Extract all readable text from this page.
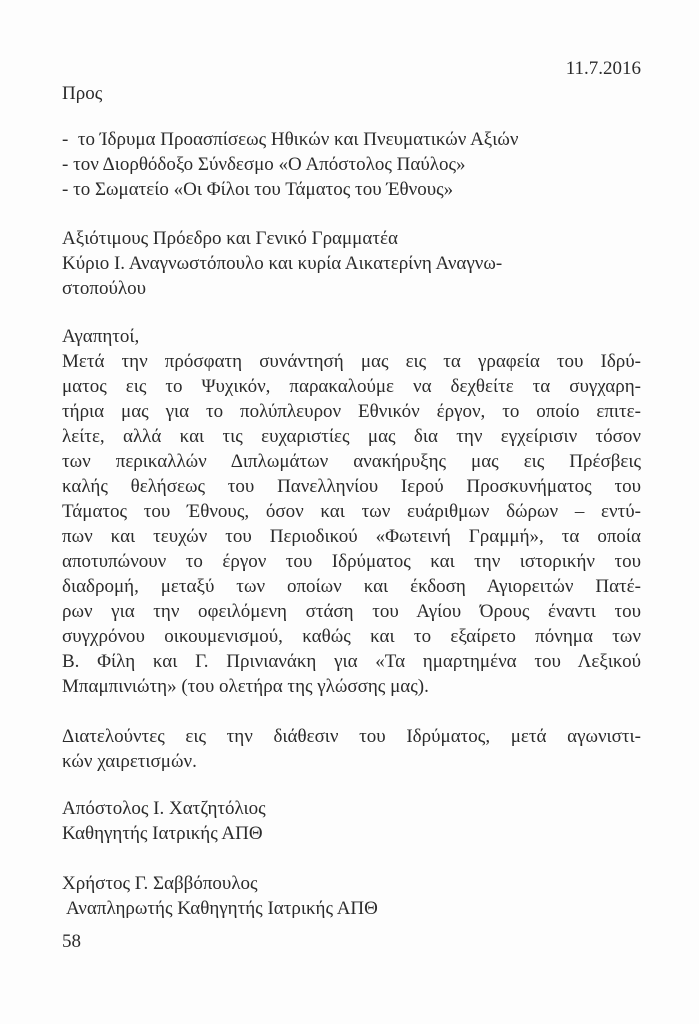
11.7.2016
Προς
-  το Ίδρυμα Προασπίσεως Ηθικών και Πνευματικών Αξιών
- τον Διορθόδοξο Σύνδεσμο «Ο Απόστολος Παύλος»
- το Σωματείο «Οι Φίλοι του Τάματος του Έθνους»
Αξιότιμους Πρόεδρο και Γενικό Γραμματέα
Κύριο Ι. Αναγνωστόπουλο και κυρία Αικατερίνη Αναγνω-
στοπούλου
Αγαπητοί,
Μετά την πρόσφατη συνάντησή μας εις τα γραφεία του Ιδρύ-
ματος εις το Ψυχικόν, παρακαλούμε να δεχθείτε τα συγχαρη-
τήρια μας για το πολύπλευρον Εθνικόν έργον, το οποίο επιτε-
λείτε, αλλά και τις ευχαριστίες μας δια την εγχείρισιν τόσον
των περικαλλών Διπλωμάτων ανακήρυξης μας εις Πρέσβεις
καλής θελήσεως του Πανελληνίου Ιερού Προσκυνήματος του
Τάματος του Έθνους, όσον και των ευάριθμων δώρων – εντύ-
πων και τευχών του Περιοδικού «Φωτεινή Γραμμή», τα οποία
αποτυπώνουν το έργον του Ιδρύματος και την ιστορικήν του
διαδρομή, μεταξύ των οποίων και έκδοση Αγιορειτών Πατέ-
ρων για την οφειλόμενη στάση του Αγίου Όρους έναντι του
συγχρόνου οικουμενισμού, καθώς και το εξαίρετο πόνημα των
Β. Φίλη και Γ. Πρινιανάκη για «Τα ημαρτημένα του Λεξικού
Μπαμπινιώτη» (του ολετήρα της γλώσσης μας).
Διατελούντες εις την διάθεσιν του Ιδρύματος, μετά αγωνιστι-
κών χαιρετισμών.
Απόστολος Ι. Χατζητόλιος
Καθηγητής Ιατρικής ΑΠΘ
Χρήστος Γ. Σαββόπουλος
Αναπληρωτής Καθηγητής Ιατρικής ΑΠΘ
58
